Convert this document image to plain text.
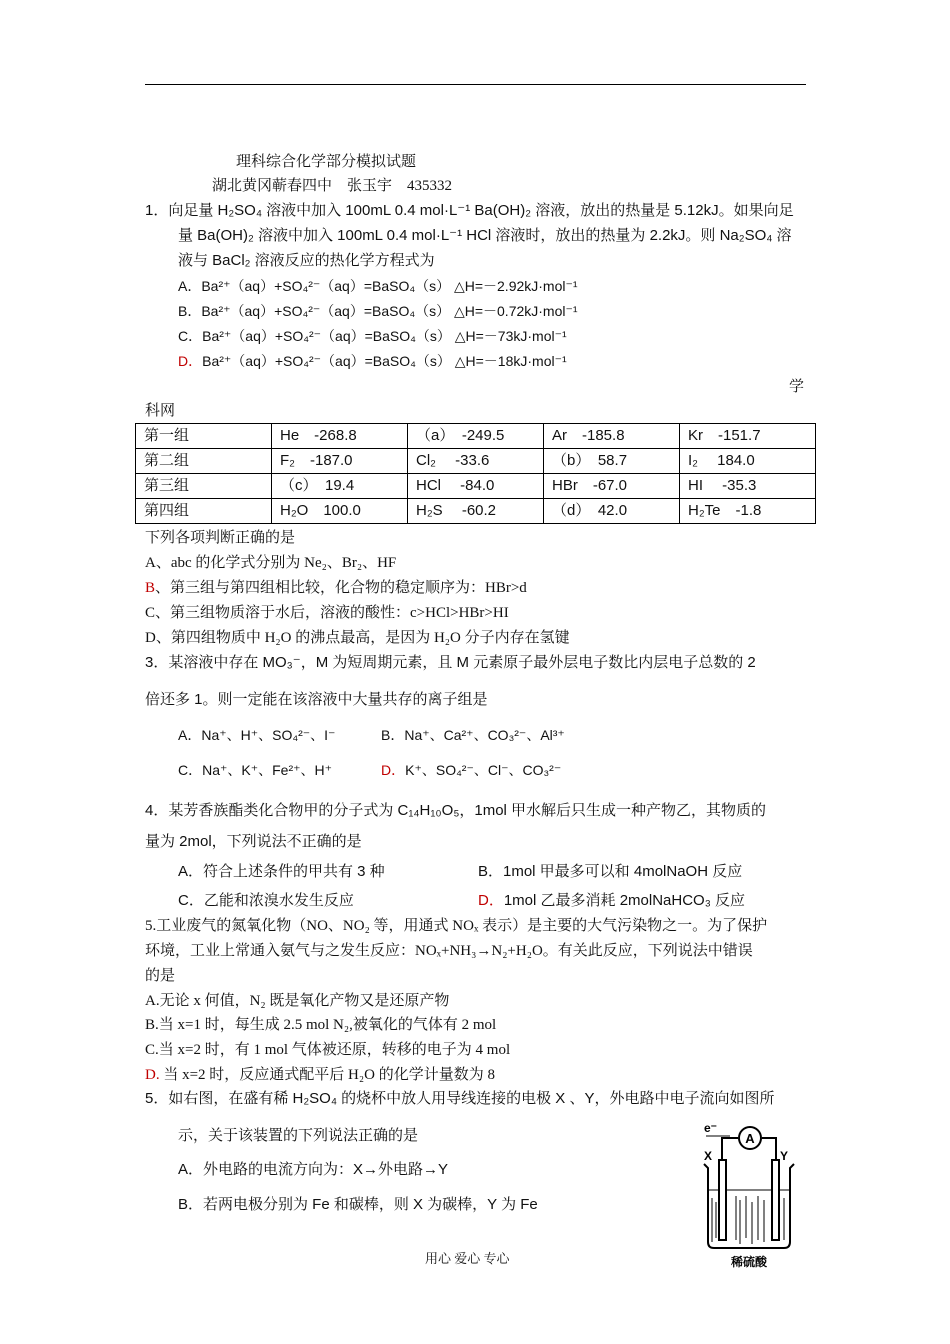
理科综合化学部分模拟试题
湖北黄冈蕲春四中　张玉宇　435332
1．向足量 H₂SO₄ 溶液中加入 100mL 0.4 mol·L⁻¹ Ba(OH)₂ 溶液，放出的热量是 5.12kJ。如果向足
量 Ba(OH)₂ 溶液中加入 100mL 0.4 mol·L⁻¹ HCl 溶液时，放出的热量为 2.2kJ。则 Na₂SO₄ 溶
液与 BaCl₂ 溶液反应的热化学方程式为
A．Ba²⁺（aq）+SO₄²⁻（aq）=BaSO₄（s） △H=－2.92kJ·mol⁻¹
B．Ba²⁺（aq）+SO₄²⁻（aq）=BaSO₄（s） △H=－0.72kJ·mol⁻¹
C．Ba²⁺（aq）+SO₄²⁻（aq）=BaSO₄（s） △H=－73kJ·mol⁻¹
D．Ba²⁺（aq）+SO₄²⁻（aq）=BaSO₄（s） △H=－18kJ·mol⁻¹
学
科网
第一组	He　-268.8	（a）　-249.5	Ar　-185.8	Kr　-151.7
第二组	F₂　-187.0	Cl₂　 -33.6	（b）　58.7	I₂　 184.0
第三组	（c）　19.4	HCl　 -84.0	HBr　-67.0	HI　 -35.3
第四组	H₂O　100.0	H₂S　 -60.2	（d）　42.0	H₂Te　-1.8
下列各项判断正确的是
A、abc 的化学式分别为 Ne₂、Br₂、HF
B、第三组与第四组相比较，化合物的稳定顺序为：HBr>d
C、第三组物质溶于水后，溶液的酸性：c>HCl>HBr>HI
D、第四组物质中 H₂O 的沸点最高，是因为 H₂O 分子内存在氢键
3．某溶液中存在 MO₃⁻，M 为短周期元素，且 M 元素原子最外层电子数比内层电子总数的 2
倍还多 1。则一定能在该溶液中大量共存的离子组是
A．Na⁺、H⁺、SO₄²⁻、I⁻	B．Na⁺、Ca²⁺、CO₃²⁻、Al³⁺
C．Na⁺、K⁺、Fe²⁺、H⁺	D．K⁺、SO₄²⁻、Cl⁻、CO₃²⁻
4．某芳香族酯类化合物甲的分子式为 C₁₄H₁₀O₅，1mol 甲水解后只生成一种产物乙，其物质的
量为 2mol，下列说法不正确的是
A．符合上述条件的甲共有 3 种	B．1mol 甲最多可以和 4molNaOH 反应
C．乙能和浓溴水发生反应	D．1mol 乙最多消耗 2molNaHCO₃ 反应
5.工业废气的氮氧化物（NO、NO₂ 等，用通式 NOₓ 表示）是主要的大气污染物之一。为了保护
环境，工业上常通入氨气与之发生反应：NOₓ+NH₃→N₂+H₂O。有关此反应，下列说法中错误
的是
A.无论 x 何值，N₂ 既是氧化产物又是还原产物
B.当 x=1 时，每生成 2.5 mol N₂,被氧化的气体有 2 mol
C.当 x=2 时，有 1 mol 气体被还原，转移的电子为 4 mol
D. 当 x=2 时，反应通式配平后 H₂O 的化学计量数为 8
5．如右图，在盛有稀 H₂SO₄ 的烧杯中放人用导线连接的电极 X 、Y，外电路中电子流向如图所
示，关于该装置的下列说法正确的是
A．外电路的电流方向为：X→外电路→Y
B．若两电极分别为 Fe 和碳棒，则 X 为碳棒，Y 为 Fe
A
e⁻
X	Y
稀硫酸
用心 爱心 专心
